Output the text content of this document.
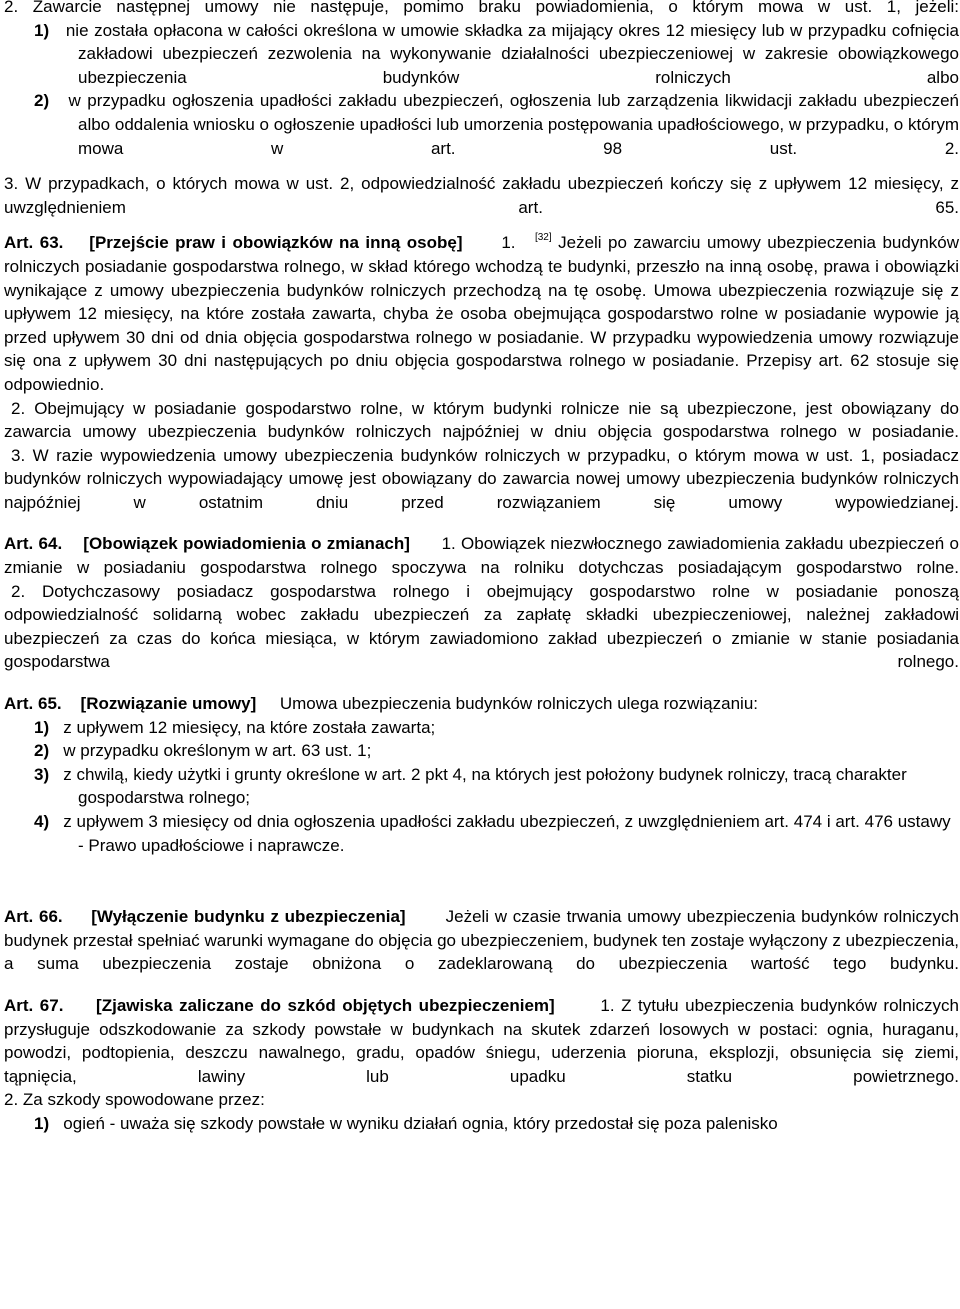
2. Zawarcie następnej umowy nie następuje, pomimo braku powiadomienia, o którym mowa w ust. 1, jeżeli:

1) nie została opłacona w całości określona w umowie składka za mijający okres 12 miesięcy lub w przypadku cofnięcia zakładowi ubezpieczeń zezwolenia na wykonywanie działalności ubezpieczeniowej w zakresie obowiązkowego ubezpieczenia budynków rolniczych albo

2) w przypadku ogłoszenia upadłości zakładu ubezpieczeń, ogłoszenia lub zarządzenia likwidacji zakładu ubezpieczeń albo oddalenia wniosku o ogłoszenie upadłości lub umorzenia postępowania upadłościowego, w przypadku, o którym mowa w art. 98 ust. 2.

3. W przypadkach, o których mowa w ust. 2, odpowiedzialność zakładu ubezpieczeń kończy się z upływem 12 miesięcy, z uwzględnieniem art. 65.

Art. 63. [Przejście praw i obowiązków na inną osobę] 1. [32] Jeżeli po zawarciu umowy ubezpieczenia budynków rolniczych posiadanie gospodarstwa rolnego, w skład którego wchodzą te budynki, przeszło na inną osobę, prawa i obowiązki wynikające z umowy ubezpieczenia budynków rolniczych przechodzą na tę osobę. Umowa ubezpieczenia rozwiązuje się z upływem 12 miesięcy, na które została zawarta, chyba że osoba obejmująca gospodarstwo rolne w posiadanie wypowie ją przed upływem 30 dni od dnia objęcia gospodarstwa rolnego w posiadanie. W przypadku wypowiedzenia umowy rozwiązuje się ona z upływem 30 dni następujących po dniu objęcia gospodarstwa rolnego w posiadanie. Przepisy art. 62 stosuje się odpowiednio.

2. Obejmujący w posiadanie gospodarstwo rolne, w którym budynki rolnicze nie są ubezpieczone, jest obowiązany do zawarcia umowy ubezpieczenia budynków rolniczych najpóźniej w dniu objęcia gospodarstwa rolnego w posiadanie.

3. W razie wypowiedzenia umowy ubezpieczenia budynków rolniczych w przypadku, o którym mowa w ust. 1, posiadacz budynków rolniczych wypowiadający umowę jest obowiązany do zawarcia nowej umowy ubezpieczenia budynków rolniczych najpóźniej w ostatnim dniu przed rozwiązaniem się umowy wypowiedzianej.

Art. 64. [Obowiązek powiadomienia o zmianach] 1. Obowiązek niezwłocznego zawiadomienia zakładu ubezpieczeń o zmianie w posiadaniu gospodarstwa rolnego spoczywa na rolniku dotychczas posiadającym gospodarstwo rolne.

2. Dotychczasowy posiadacz gospodarstwa rolnego i obejmujący gospodarstwo rolne w posiadanie ponoszą odpowiedzialność solidarną wobec zakładu ubezpieczeń za zapłatę składki ubezpieczeniowej, należnej zakładowi ubezpieczeń za czas do końca miesiąca, w którym zawiadomiono zakład ubezpieczeń o zmianie w stanie posiadania gospodarstwa rolnego.

Art. 65. [Rozwiązanie umowy] Umowa ubezpieczenia budynków rolniczych ulega rozwiązaniu:

1) z upływem 12 miesięcy, na które została zawarta;

2) w przypadku określonym w art. 63 ust. 1;

3) z chwilą, kiedy użytki i grunty określone w art. 2 pkt 4, na których jest położony budynek rolniczy, tracą charakter gospodarstwa rolnego;

4) z upływem 3 miesięcy od dnia ogłoszenia upadłości zakładu ubezpieczeń, z uwzględnieniem art. 474 i art. 476 ustawy - Prawo upadłościowe i naprawcze.

Art. 66. [Wyłączenie budynku z ubezpieczenia] Jeżeli w czasie trwania umowy ubezpieczenia budynków rolniczych budynek przestał spełniać warunki wymagane do objęcia go ubezpieczeniem, budynek ten zostaje wyłączony z ubezpieczenia, a suma ubezpieczenia zostaje obniżona o zadeklarowaną do ubezpieczenia wartość tego budynku.

Art. 67. [Zjawiska zaliczane do szkód objętych ubezpieczeniem]	1. Z tytułu ubezpieczenia budynków rolniczych przysługuje odszkodowanie za szkody powstałe w budynkach na skutek zdarzeń losowych w postaci: ognia, huraganu, powodzi, podtopienia, deszczu nawalnego, gradu, opadów śniegu, uderzenia pioruna, eksplozji, obsunięcia się ziemi, tąpnięcia, lawiny lub upadku statku powietrznego.

2. Za szkody spowodowane przez:

1) ogień - uważa się szkody powstałe w wyniku działań ognia, który przedostał się poza palenisko
